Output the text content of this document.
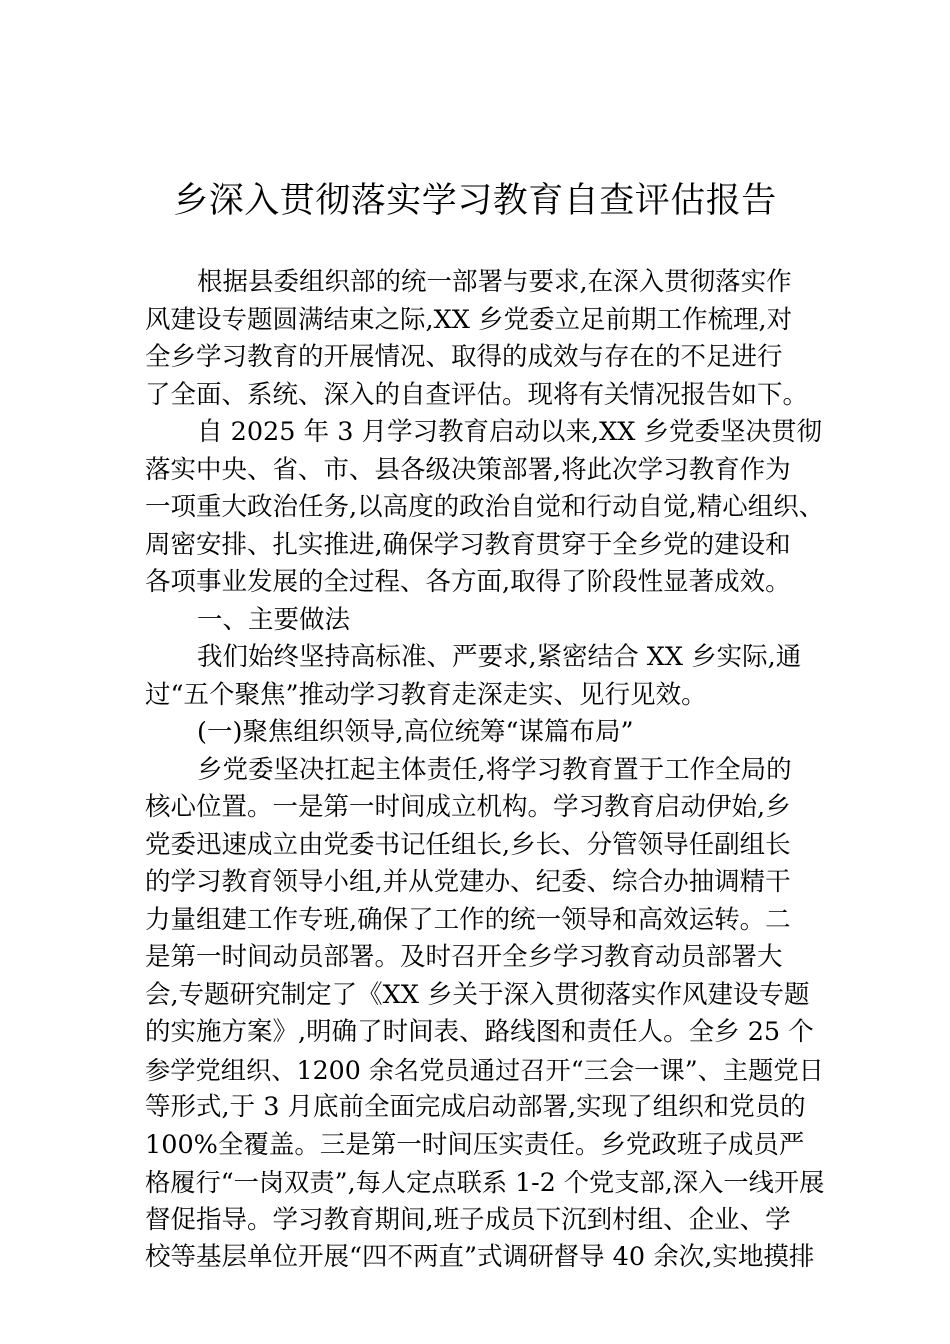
乡深入贯彻落实学习教育自查评估报告
根据县委组织部的统一部署与要求,在深入贯彻落实作
风建设专题圆满结束之际,XX 乡党委立足前期工作梳理,对
全乡学习教育的开展情况、取得的成效与存在的不足进行
了全面、系统、深入的自查评估。现将有关情况报告如下。
自 2025 年 3 月学习教育启动以来,XX 乡党委坚决贯彻
落实中央、省、市、县各级决策部署,将此次学习教育作为
一项重大政治任务,以高度的政治自觉和行动自觉,精心组织、
周密安排、扎实推进,确保学习教育贯穿于全乡党的建设和
各项事业发展的全过程、各方面,取得了阶段性显著成效。
一、主要做法
我们始终坚持高标准、严要求,紧密结合 XX 乡实际,通
过“五个聚焦”推动学习教育走深走实、见行见效。
(一)聚焦组织领导,高位统筹“谋篇布局”
乡党委坚决扛起主体责任,将学习教育置于工作全局的
核心位置。一是第一时间成立机构。学习教育启动伊始,乡
党委迅速成立由党委书记任组长,乡长、分管领导任副组长
的学习教育领导小组,并从党建办、纪委、综合办抽调精干
力量组建工作专班,确保了工作的统一领导和高效运转。二
是第一时间动员部署。及时召开全乡学习教育动员部署大
会,专题研究制定了《XX 乡关于深入贯彻落实作风建设专题
的实施方案》,明确了时间表、路线图和责任人。全乡 25 个
参学党组织、1200 余名党员通过召开“三会一课”、主题党日
等形式,于 3 月底前全面完成启动部署,实现了组织和党员的
100%全覆盖。三是第一时间压实责任。乡党政班子成员严
格履行“一岗双责”,每人定点联系 1-2 个党支部,深入一线开展
督促指导。学习教育期间,班子成员下沉到村组、企业、学
校等基层单位开展“四不两直”式调研督导 40 余次,实地摸排
